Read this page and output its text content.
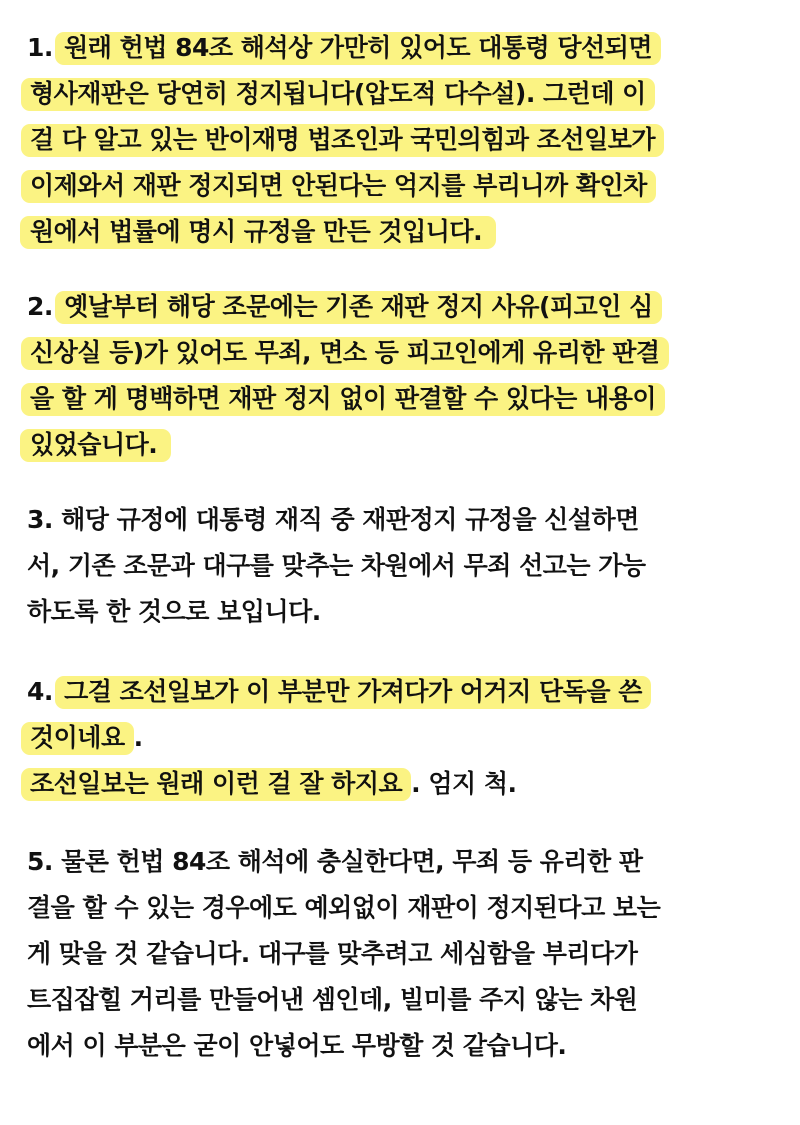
1. 원래 헌법 84조 해석상 가만히 있어도 대통령 당선되면
형사재판은 당연히 정지됩니다(압도적 다수설). 그런데 이
걸 다 알고 있는 반이재명 법조인과 국민의힘과 조선일보가
이제와서 재판 정지되면 안된다는 억지를 부리니까 확인차
원에서 법률에 명시 규정을 만든 것입니다.
2. 옛날부터 해당 조문에는 기존 재판 정지 사유(피고인 심
신상실 등)가 있어도 무죄, 면소 등 피고인에게 유리한 판결
을 할 게 명백하면 재판 정지 없이 판결할 수 있다는 내용이
있었습니다.
3. 해당 규정에 대통령 재직 중 재판정지 규정을 신설하면
서, 기존 조문과 대구를 맞추는 차원에서 무죄 선고는 가능
하도록 한 것으로 보입니다.
4. 그걸 조선일보가 이 부분만 가져다가 어거지 단독을 쓴
것이네요 .
조선일보는 원래 이런 걸 잘 하지요 . 엄지 척.
5. 물론 헌법 84조 해석에 충실한다면, 무죄 등 유리한 판
결을 할 수 있는 경우에도 예외없이 재판이 정지된다고 보는
게 맞을 것 같습니다. 대구를 맞추려고 세심함을 부리다가
트집잡힐 거리를 만들어낸 셈인데, 빌미를 주지 않는 차원
에서 이 부분은 굳이 안넣어도 무방할 것 같습니다.
